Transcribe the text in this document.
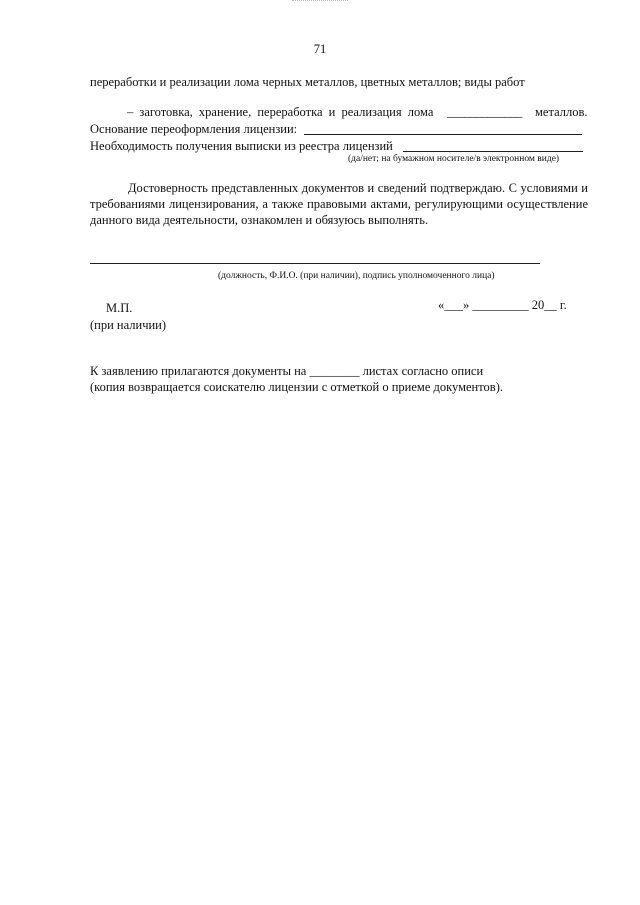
71
переработки и реализации лома черных металлов, цветных металлов; виды работ
– заготовка, хранение, переработка и реализация лома _____________ металлов.
Основание переоформления лицензии:
Необходимость получения выписки из реестра лицензий
(да/нет; на бумажном носителе/в электронном виде)
Достоверность представленных документов и сведений подтверждаю. С условиями и требованиями лицензирования, а также правовыми актами, регулирующими осуществление данного вида деятельности, ознакомлен и обязуюсь выполнять.
(должность, Ф.И.О. (при наличии), подпись уполномоченного лица)
М.П.
(при наличии)
«___» _________ 20__ г.
К заявлению прилагаются документы на ________ листах согласно описи
(копия возвращается соискателю лицензии с отметкой о приеме документов).
